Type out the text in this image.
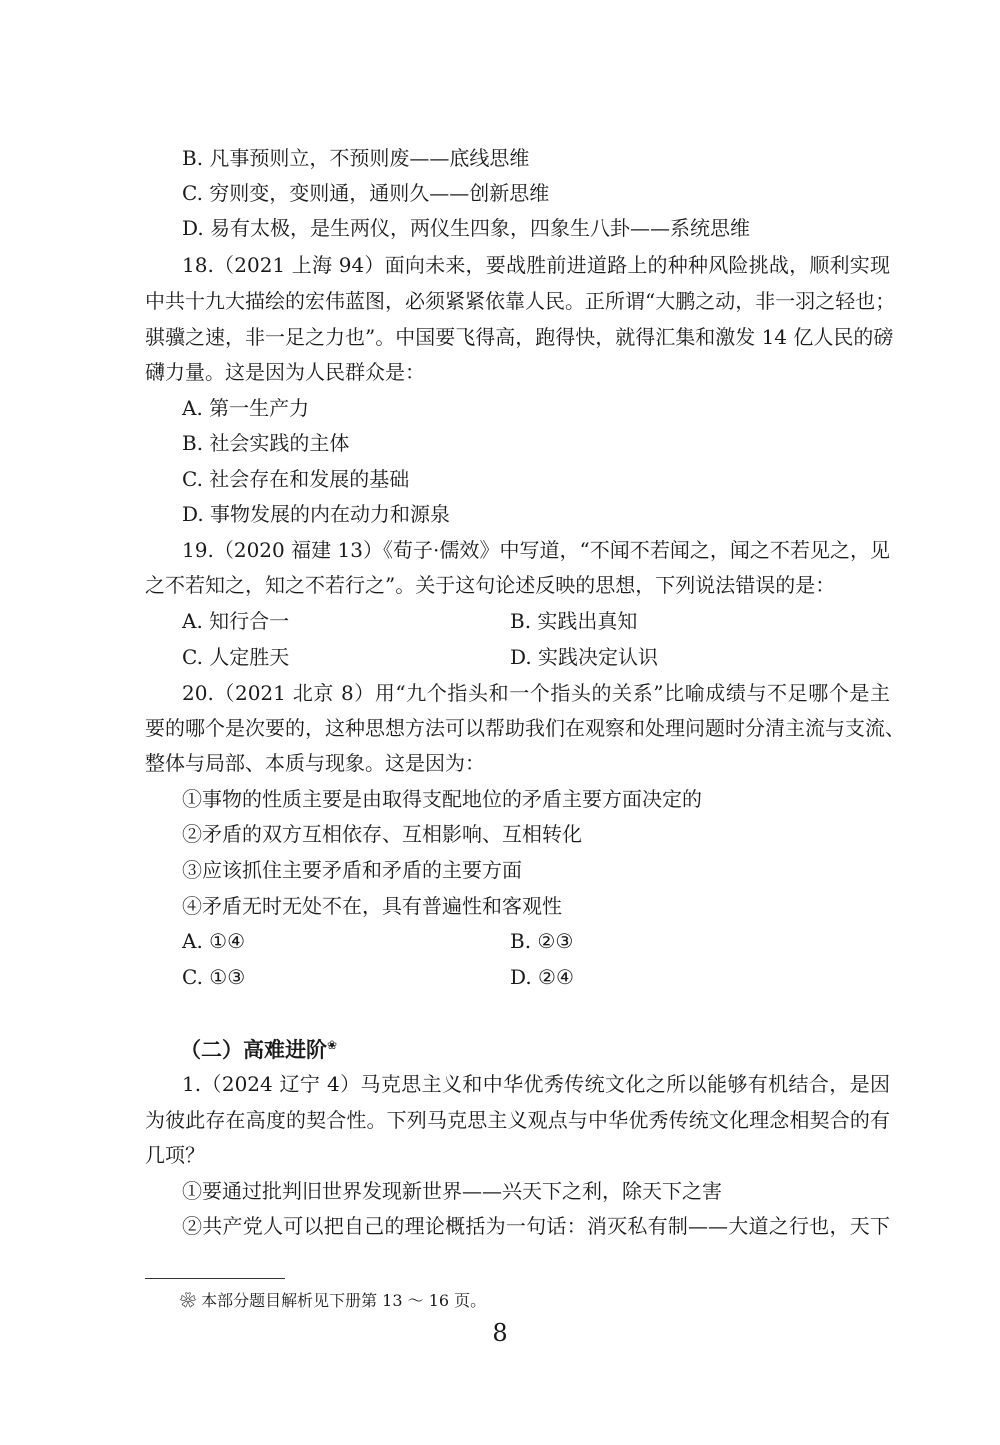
B. 凡事预则立，不预则废——底线思维
C. 穷则变，变则通，通则久——创新思维
D. 易有太极，是生两仪，两仪生四象，四象生八卦——系统思维
18.（2021 上海 94）面向未来，要战胜前进道路上的种种风险挑战，顺利实现
中共十九大描绘的宏伟蓝图，必须紧紧依靠人民。正所谓“大鹏之动，非一羽之轻也；
骐骥之速，非一足之力也”。中国要飞得高，跑得快，就得汇集和激发 14 亿人民的磅
礴力量。这是因为人民群众是：
A. 第一生产力
B. 社会实践的主体
C. 社会存在和发展的基础
D. 事物发展的内在动力和源泉
19.（2020 福建 13）《荀子·儒效》中写道，“不闻不若闻之，闻之不若见之，见
之不若知之，知之不若行之”。关于这句论述反映的思想，下列说法错误的是：
A. 知行合一	B. 实践出真知
C. 人定胜天	D. 实践决定认识
20.（2021 北京 8）用“九个指头和一个指头的关系”比喻成绩与不足哪个是主
要的哪个是次要的，这种思想方法可以帮助我们在观察和处理问题时分清主流与支流、
整体与局部、本质与现象。这是因为：
①事物的性质主要是由取得支配地位的矛盾主要方面决定的
②矛盾的双方互相依存、互相影响、互相转化
③应该抓住主要矛盾和矛盾的主要方面
④矛盾无时无处不在，具有普遍性和客观性
A. ①④	B. ②③
C. ①③	D. ②④
（二）高难进阶❀
1.（2024 辽宁 4）马克思主义和中华优秀传统文化之所以能够有机结合，是因
为彼此存在高度的契合性。下列马克思主义观点与中华优秀传统文化理念相契合的有
几项？
①要通过批判旧世界发现新世界——兴天下之利，除天下之害
②共产党人可以把自己的理论概括为一句话：消灭私有制——大道之行也，天下
❀ 本部分题目解析见下册第 13 ～ 16 页。
8
